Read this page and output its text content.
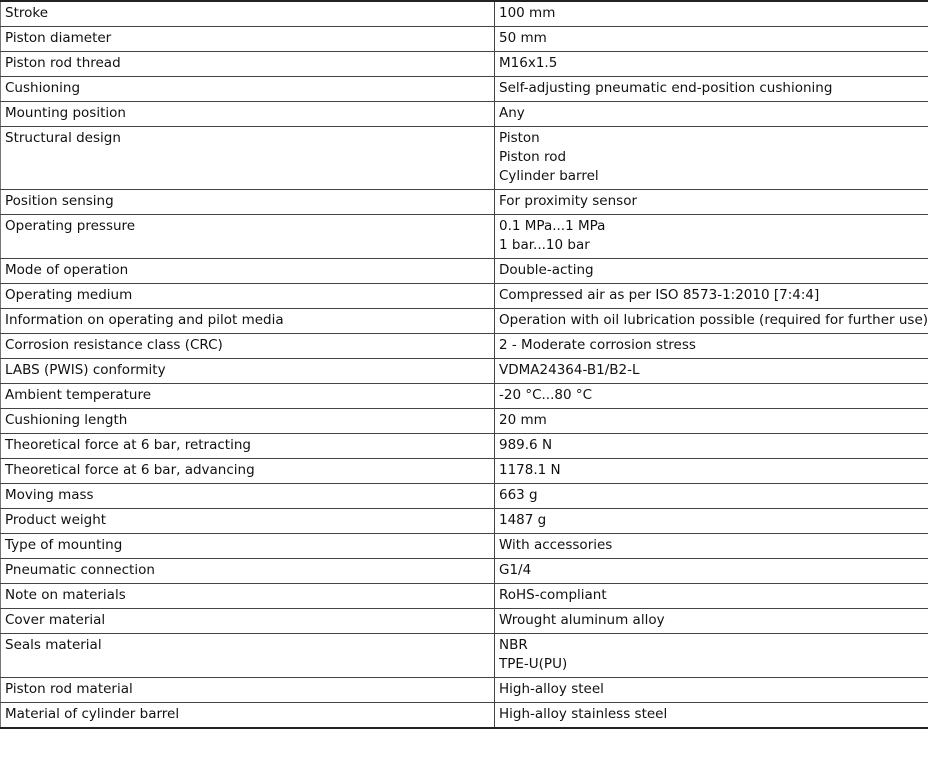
Stroke	100 mm

Piston diameter	50 mm

Piston rod thread	M16x1.5

Cushioning	Self-adjusting pneumatic end-position cushioning

Mounting position	Any

Structural design	Piston
Piston rod
Cylinder barrel

Position sensing	For proximity sensor

Operating pressure	0.1 MPa...1 MPa
1 bar...10 bar

Mode of operation	Double-acting

Operating medium	Compressed air as per ISO 8573-1:2010 [7:4:4]

Information on operating and pilot media	Operation with oil lubrication possible (required for further use)

Corrosion resistance class (CRC)	2 - Moderate corrosion stress

LABS (PWIS) conformity	VDMA24364-B1/B2-L

Ambient temperature	-20 °C...80 °C

Cushioning length	20 mm

Theoretical force at 6 bar, retracting	989.6 N

Theoretical force at 6 bar, advancing	1178.1 N

Moving mass	663 g

Product weight	1487 g

Type of mounting	With accessories

Pneumatic connection	G1/4

Note on materials	RoHS-compliant

Cover material	Wrought aluminum alloy

Seals material	NBR
TPE-U(PU)

Piston rod material	High-alloy steel

Material of cylinder barrel	High-alloy stainless steel
